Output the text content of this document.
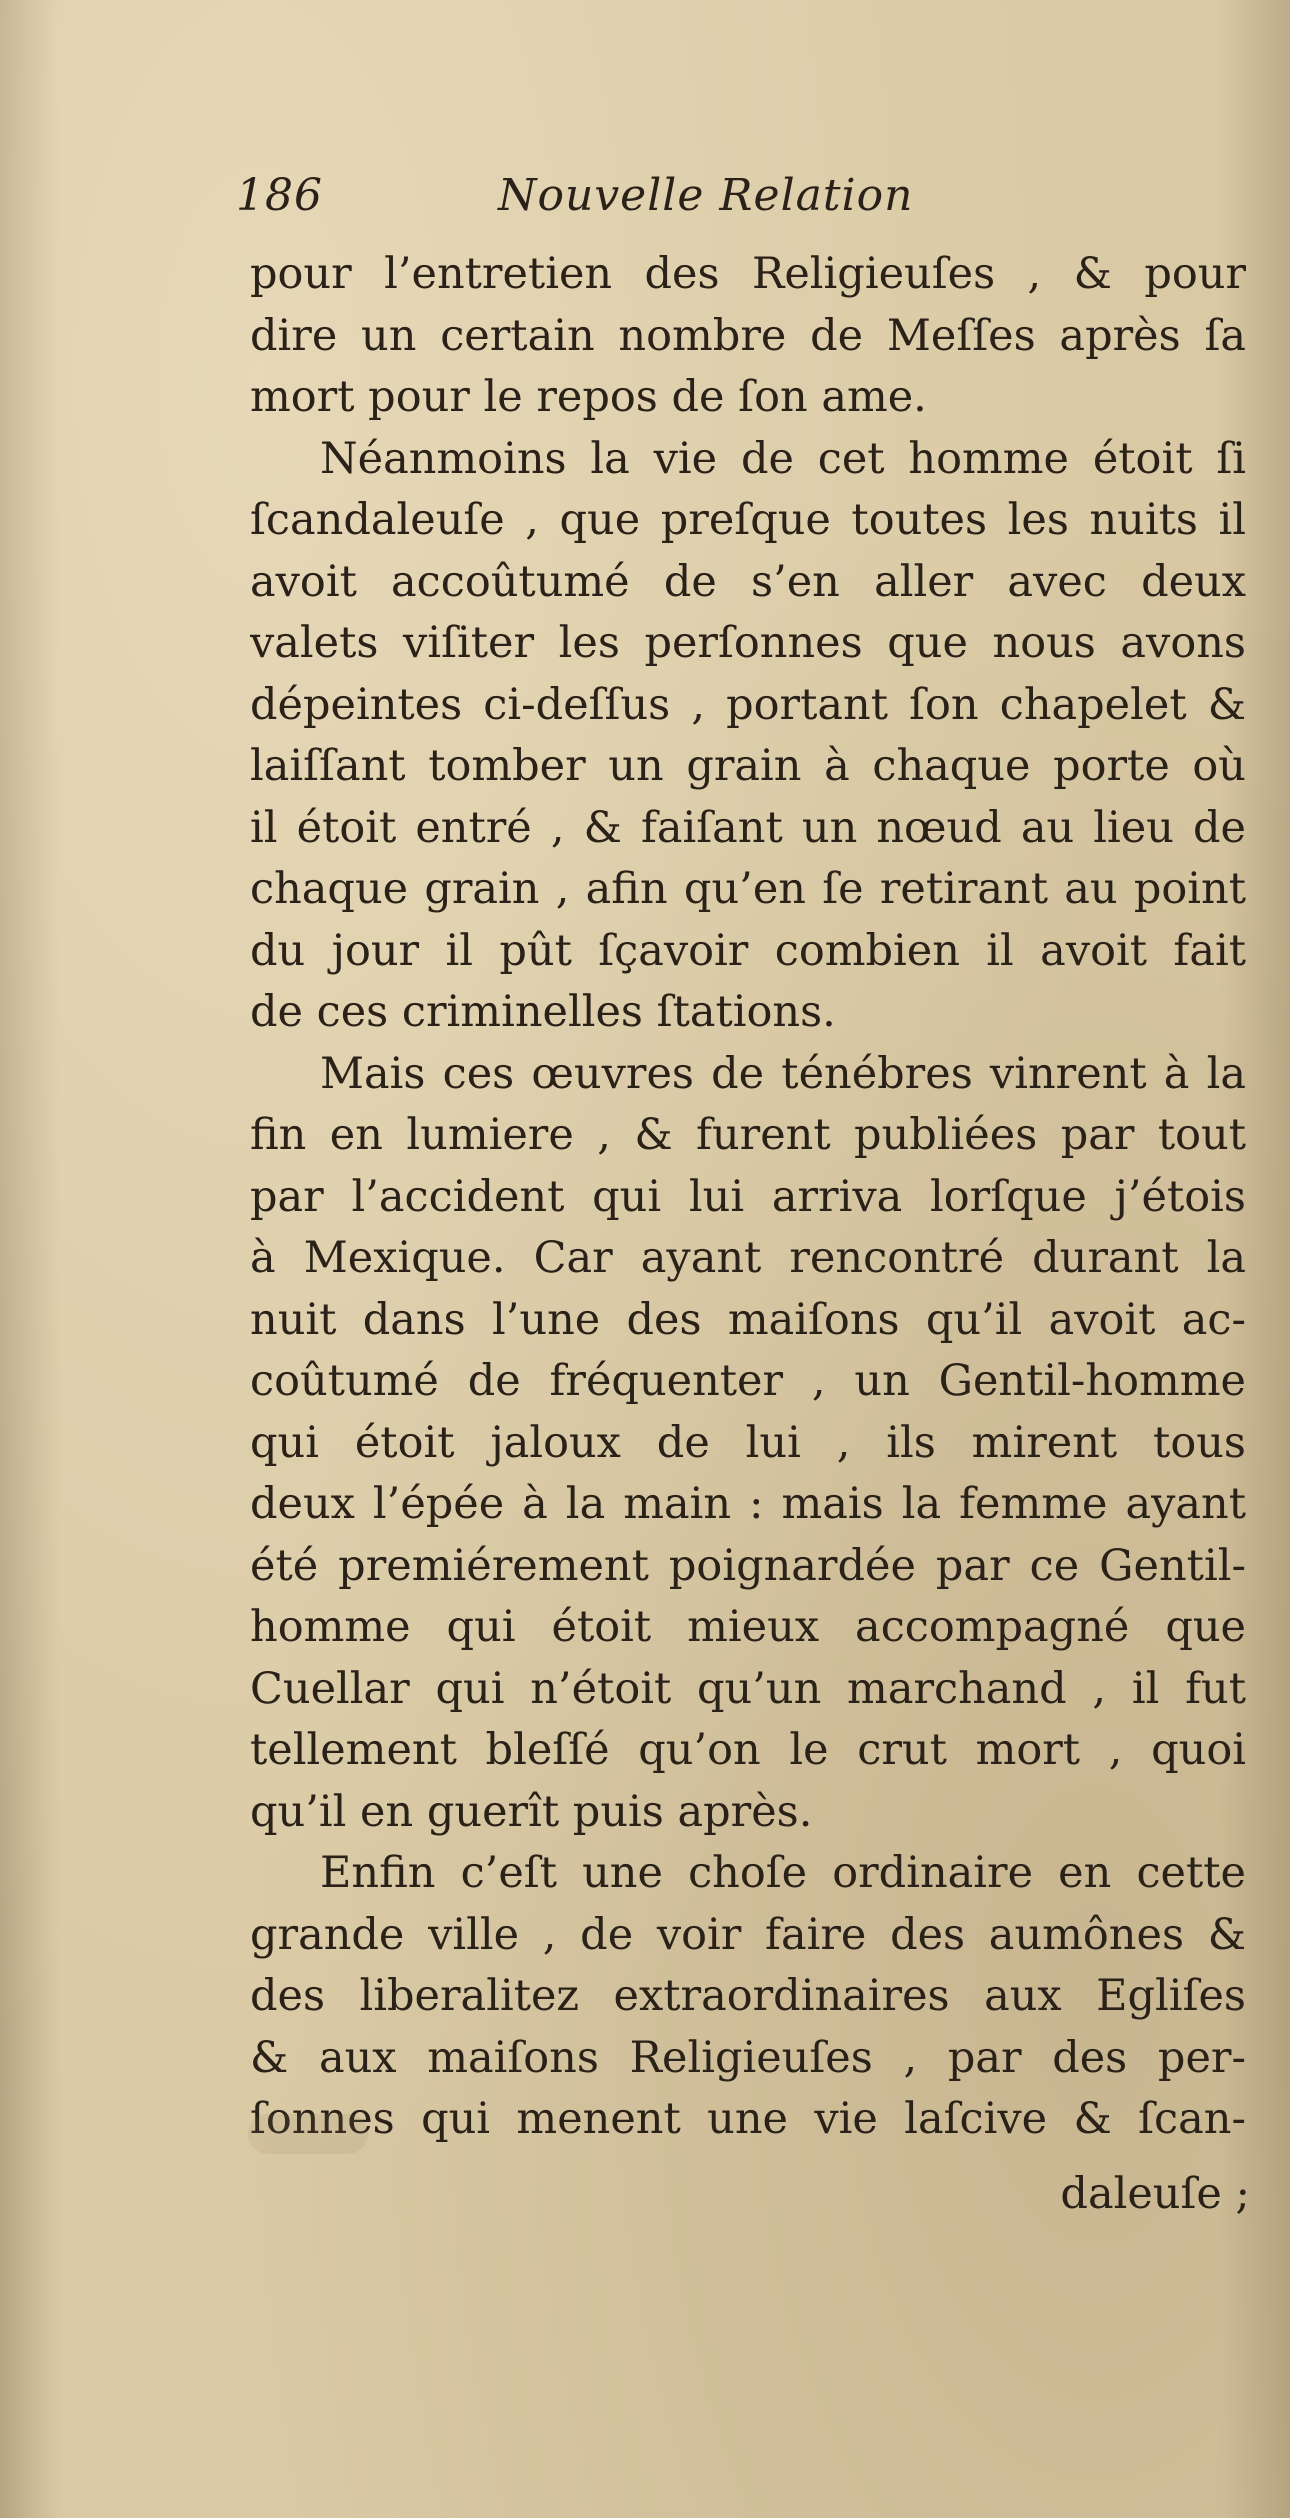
186	Nouvelle Relation
pour l’entretien des Religieuſes , & pour
dire un certain nombre de Meſſes après ſa
mort pour le repos de ſon ame.
Néanmoins la vie de cet homme étoit ſi
ſcandaleuſe , que preſque toutes les nuits il
avoit accoûtumé de s’en aller avec deux
valets viſiter les perſonnes que nous avons
dépeintes ci-deſſus , portant ſon chapelet &
laiſſant tomber un grain à chaque porte où
il étoit entré , & faiſant un nœud au lieu de
chaque grain , afin qu’en ſe retirant au point
du jour il pût ſçavoir combien il avoit fait
de ces criminelles ſtations.
Mais ces œuvres de ténébres vinrent à la
fin en lumiere , & furent publiées par tout
par l’accident qui lui arriva lorſque j’étois
à Mexique. Car ayant rencontré durant la
nuit dans l’une des maiſons qu’il avoit ac-
coûtumé de fréquenter , un Gentil-homme
qui étoit jaloux de lui , ils mirent tous
deux l’épée à la main : mais la femme ayant
été premiérement poignardée par ce Gentil-
homme qui étoit mieux accompagné que
Cuellar qui n’étoit qu’un marchand , il fut
tellement bleſſé qu’on le crut mort , quoi
qu’il en guerît puis après.
Enfin c’eſt une choſe ordinaire en cette
grande ville , de voir faire des aumônes &
des liberalitez extraordinaires aux Egliſes
& aux maiſons Religieuſes , par des per-
ſonnes qui menent une vie laſcive & ſcan-
daleuſe ;
